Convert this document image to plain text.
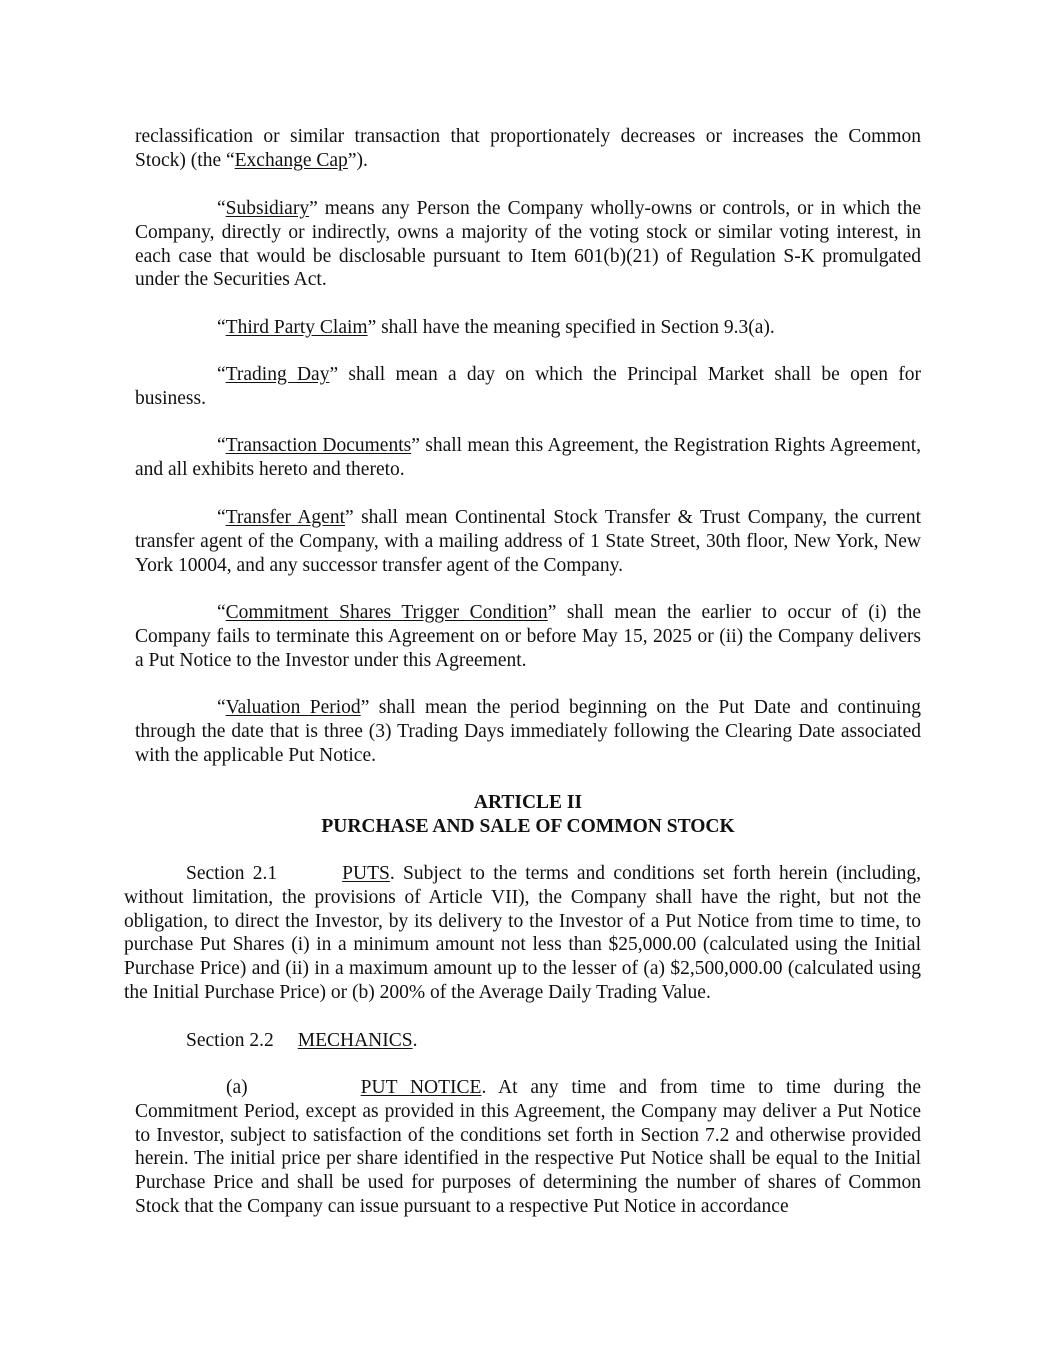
reclassification or similar transaction that proportionately decreases or increases the Common Stock) (the “Exchange Cap”).

“Subsidiary” means any Person the Company wholly-owns or controls, or in which the Company, directly or indirectly, owns a majority of the voting stock or similar voting interest, in each case that would be disclosable pursuant to Item 601(b)(21) of Regulation S-K promulgated under the Securities Act.

“Third Party Claim” shall have the meaning specified in Section 9.3(a).

“Trading Day” shall mean a day on which the Principal Market shall be open for business.

“Transaction Documents” shall mean this Agreement, the Registration Rights Agreement, and all exhibits hereto and thereto.

“Transfer Agent” shall mean Continental Stock Transfer & Trust Company, the current transfer agent of the Company, with a mailing address of 1 State Street, 30th floor, New York, New York 10004, and any successor transfer agent of the Company.

“Commitment Shares Trigger Condition” shall mean the earlier to occur of (i) the Company fails to terminate this Agreement on or before May 15, 2025 or (ii) the Company delivers a Put Notice to the Investor under this Agreement.

“Valuation Period” shall mean the period beginning on the Put Date and continuing through the date that is three (3) Trading Days immediately following the Clearing Date associated with the applicable Put Notice.

ARTICLE II

PURCHASE AND SALE OF COMMON STOCK

Section 2.1	PUTS. Subject to the terms and conditions set forth herein (including, without limitation, the provisions of Article VII), the Company shall have the right, but not the obligation, to direct the Investor, by its delivery to the Investor of a Put Notice from time to time, to purchase Put Shares (i) in a minimum amount not less than $25,000.00 (calculated using the Initial Purchase Price) and (ii) in a maximum amount up to the lesser of (a) $2,500,000.00 (calculated using the Initial Purchase Price) or (b) 200% of the Average Daily Trading Value.

Section 2.2 MECHANICS.

(a)	PUT NOTICE. At any time and from time to time during the Commitment Period, except as provided in this Agreement, the Company may deliver a Put Notice to Investor, subject to satisfaction of the conditions set forth in Section 7.2 and otherwise provided herein. The initial price per share identified in the respective Put Notice shall be equal to the Initial Purchase Price and shall be used for purposes of determining the number of shares of Common Stock that the Company can issue pursuant to a respective Put Notice in accordance
